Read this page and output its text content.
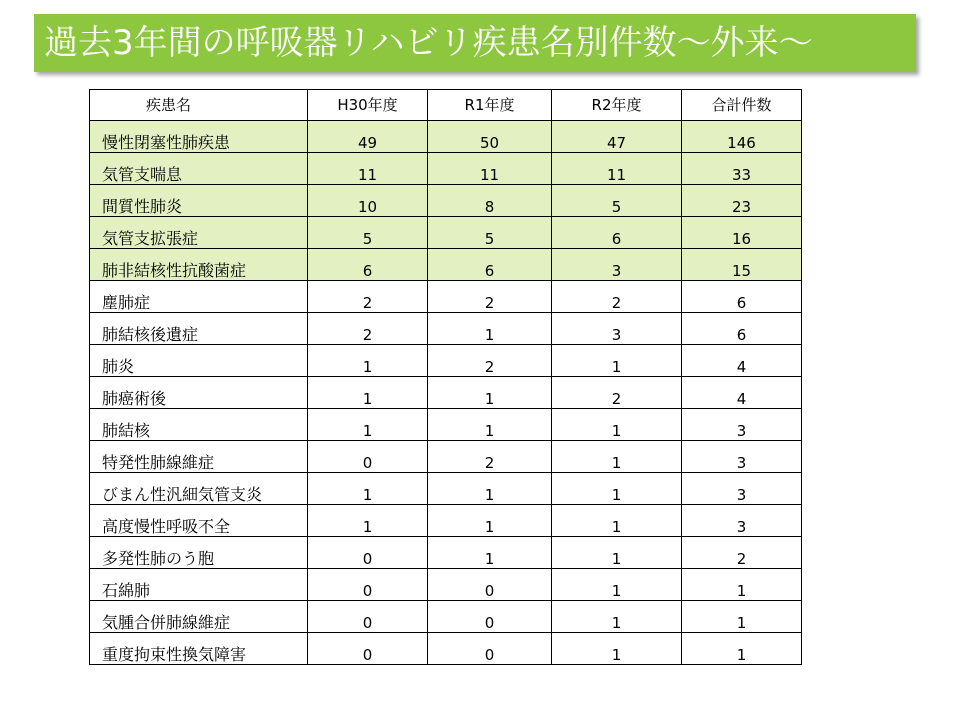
過去3年間の呼吸器リハビリ疾患名別件数～外来～
疾患名	H30年度	R1年度	R2年度	合計件数
慢性閉塞性肺疾患	49	50	47	146
気管支喘息	11	11	11	33
間質性肺炎	10	8	5	23
気管支拡張症	5	5	6	16
肺非結核性抗酸菌症	6	6	3	15
塵肺症	2	2	2	6
肺結核後遺症	2	1	3	6
肺炎	1	2	1	4
肺癌術後	1	1	2	4
肺結核	1	1	1	3
特発性肺線維症	0	2	1	3
びまん性汎細気管支炎	1	1	1	3
高度慢性呼吸不全	1	1	1	3
多発性肺のう胞	0	1	1	2
石綿肺	0	0	1	1
気腫合併肺線維症	0	0	1	1
重度拘束性換気障害	0	0	1	1
